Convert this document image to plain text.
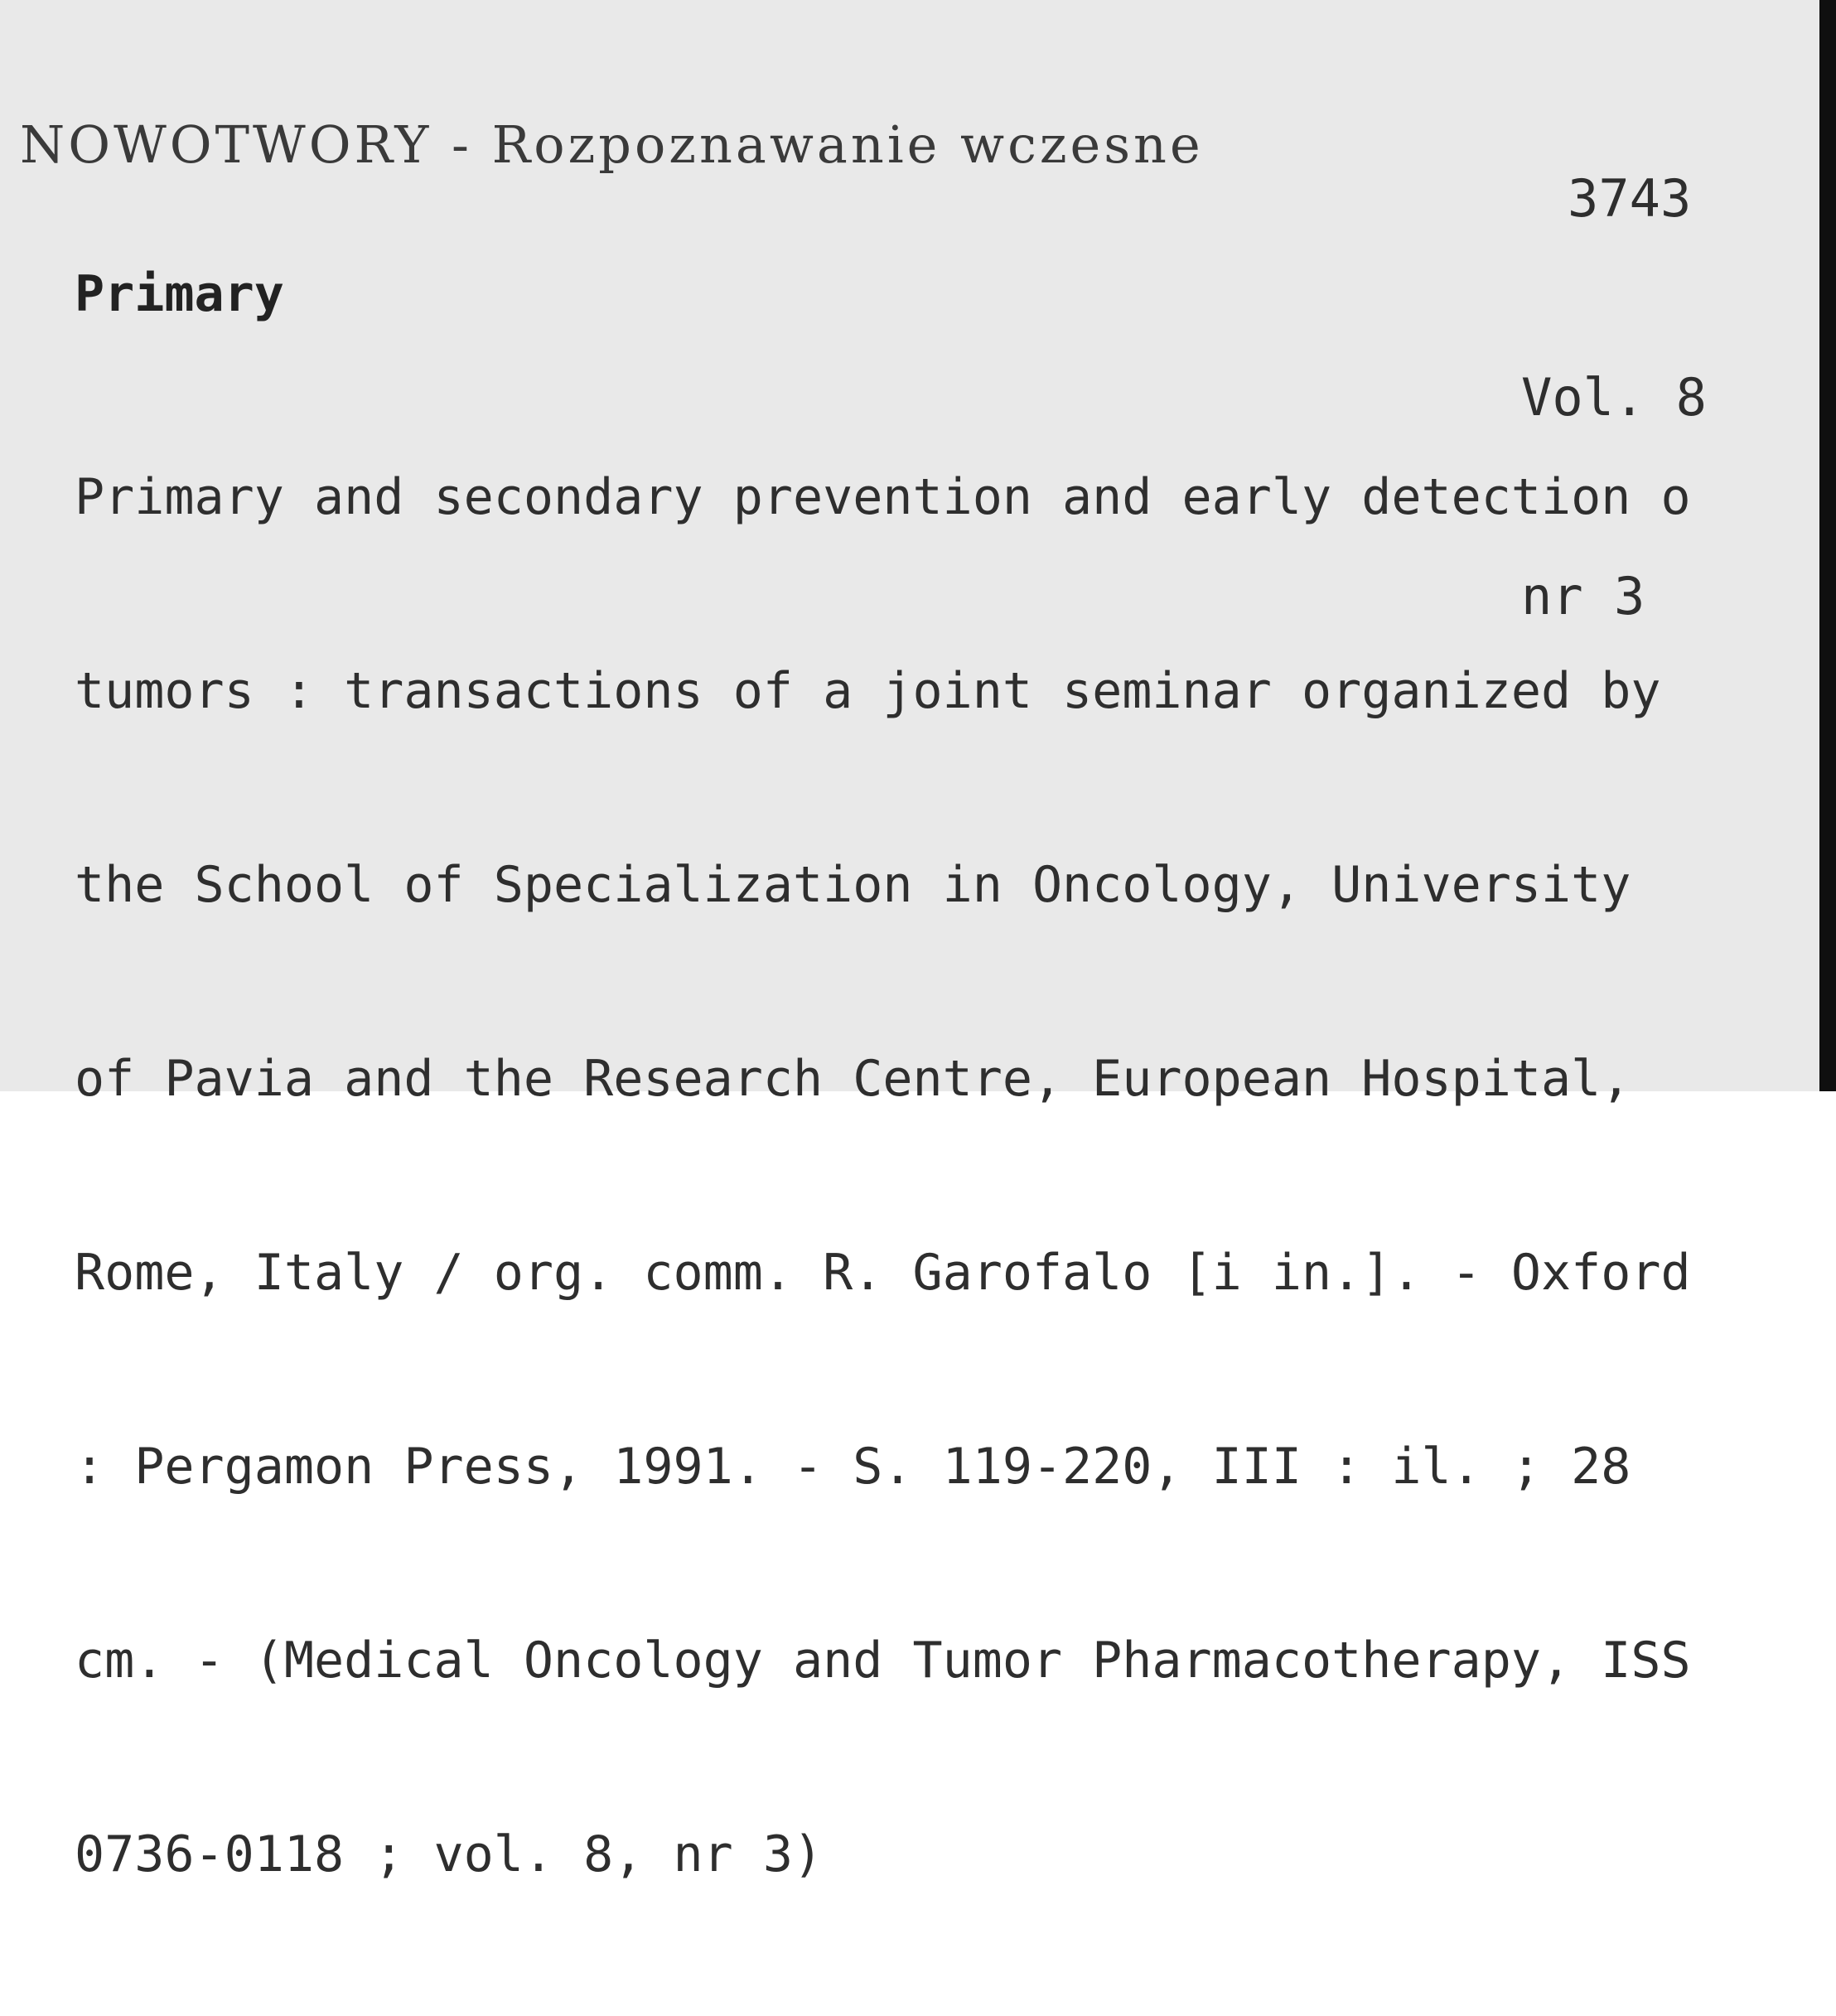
NOWOTWORY - Rozpoznawanie wczesne

3743

Vol. 8

nr 3

Primary

Primary and secondary prevention and early detection o

tumors : transactions of a joint seminar organized by

the School of Specialization in Oncology, University

of Pavia and the Research Centre, European Hospital,

Rome, Italy / org. comm. R. Garofalo [i in.]. - Oxford

: Pergamon Press, 1991. - S. 119-220, III : il. ; 28

cm. - (Medical Oncology and Tumor Pharmacotherapy, ISS

0736-0118 ; vol. 8, nr 3)
